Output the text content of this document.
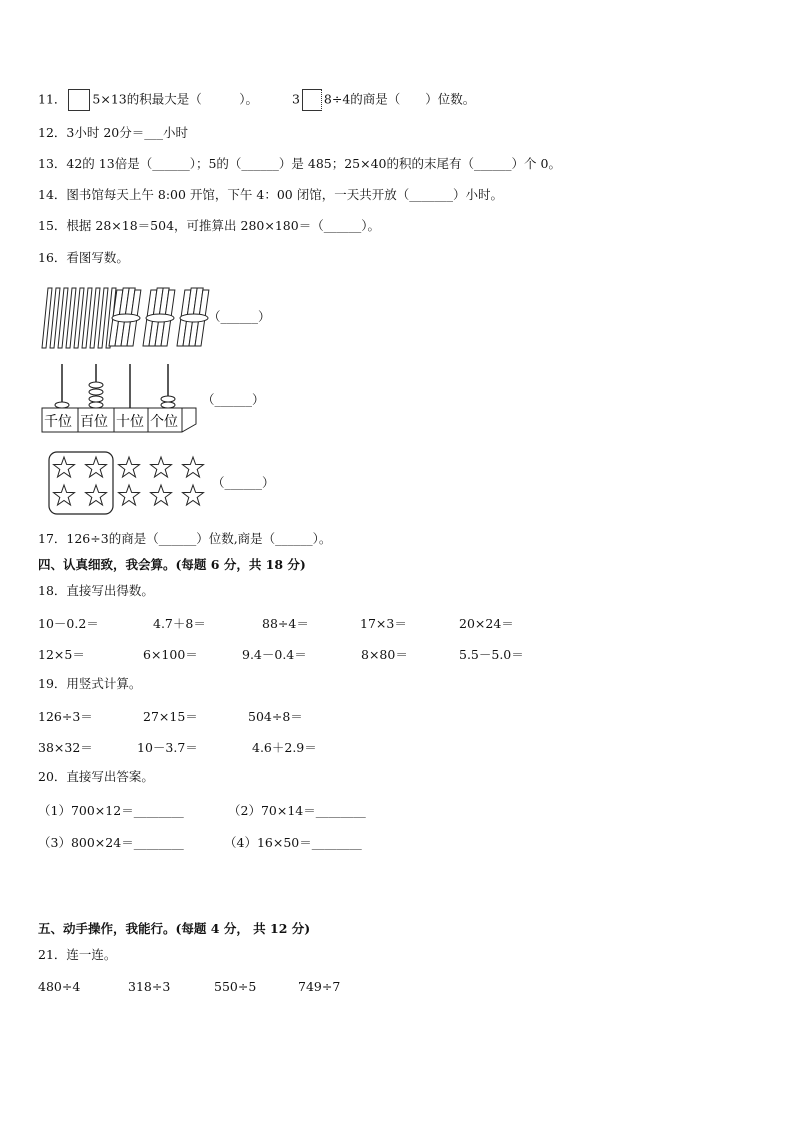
11． 5×13的积最大是（　　　）。	3 8÷4的商是（　　）位数。
12．3小时 20分＝___小时
13．42的 13倍是（______）；5的（______）是 485；25×40的积的末尾有（______）个 0。
14．图书馆每天上午 8:00 开馆，下午 4：00 闭馆，一天共开放（_______）小时。
15．根据 28×18＝504，可推算出 280×180＝（______）。
16．看图写数。
（______）
千位 百位 十位 个位
（______）
（______）
17．126÷3的商是（______）位数,商是（______）。
四、认真细致，我会算。(每题 6 分，共 18 分)
18．直接写出得数。
10－0.2＝	4.7＋8＝	88÷4＝	17×3＝	20×24＝
12×5＝	6×100＝	9.4－0.4＝	8×80＝	5.5－5.0＝
19．用竖式计算。
126÷3＝	27×15＝	504÷8＝
38×32＝	10－3.7＝	4.6＋2.9＝
20．直接写出答案。
（1）700×12＝________	（2）70×14＝________
（3）800×24＝________	（4）16×50＝________
五、动手操作，我能行。(每题 4 分， 共 12 分)
21．连一连。
480÷4	318÷3	550÷5	749÷7
